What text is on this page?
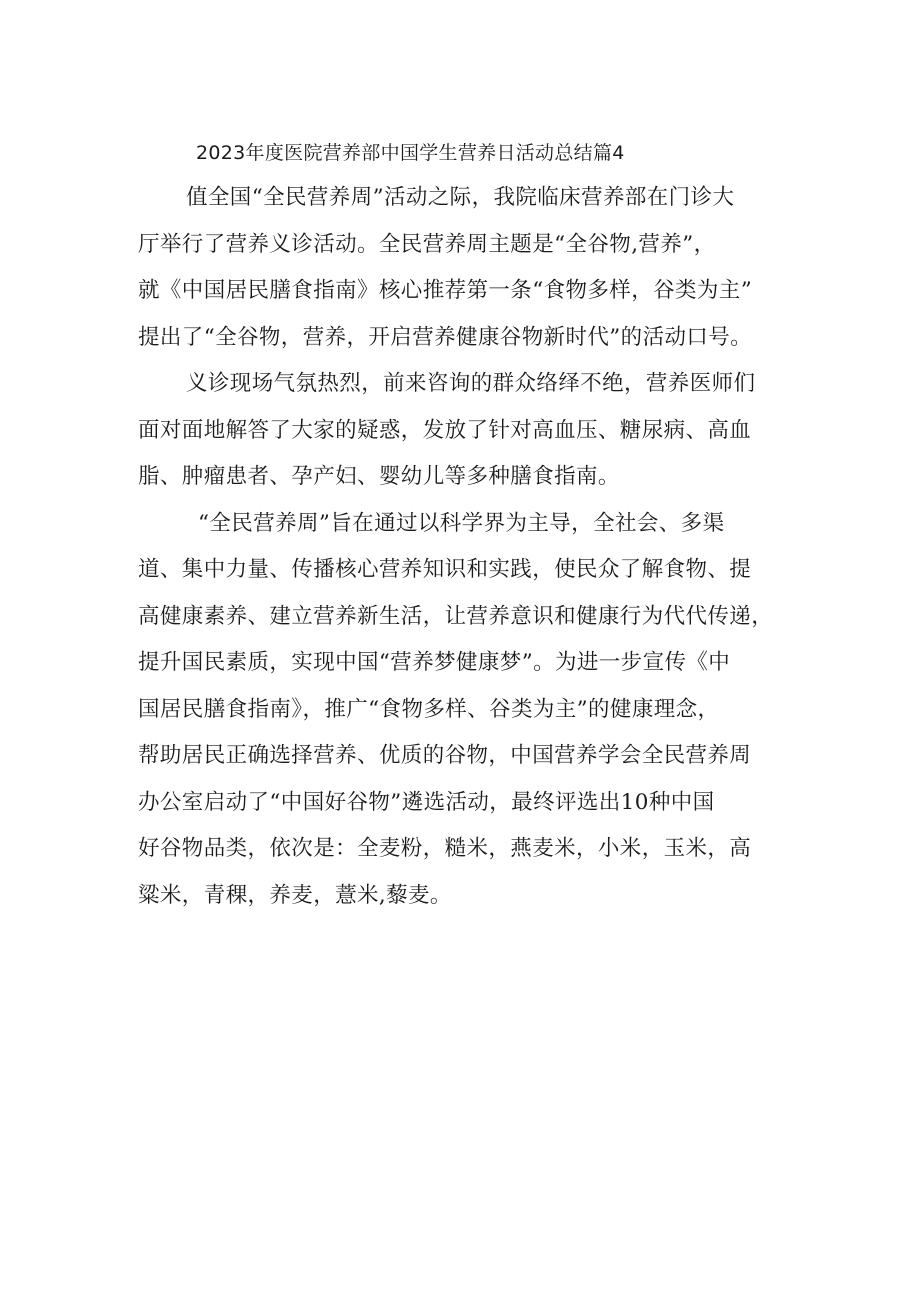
2023年度医院营养部中国学生营养日活动总结篇4
值全国“全民营养周”活动之际，我院临床营养部在门诊大
厅举行了营养义诊活动。全民营养周主题是“全谷物,营养”，
就《中国居民膳食指南》核心推荐第一条“食物多样，谷类为主”
提出了“全谷物，营养，开启营养健康谷物新时代”的活动口号。
义诊现场气氛热烈，前来咨询的群众络绎不绝，营养医师们
面对面地解答了大家的疑惑，发放了针对高血压、糖尿病、高血
脂、肿瘤患者、孕产妇、婴幼儿等多种膳食指南。
“全民营养周”旨在通过以科学界为主导，全社会、多渠
道、集中力量、传播核心营养知识和实践，使民众了解食物、提
高健康素养、建立营养新生活，让营养意识和健康行为代代传递，
提升国民素质，实现中国“营养梦健康梦”。为进一步宣传《中
国居民膳食指南》，推广“食物多样、谷类为主”的健康理念，
帮助居民正确选择营养、优质的谷物，中国营养学会全民营养周
办公室启动了“中国好谷物”遴选活动，最终评选出10种中国
好谷物品类，依次是：全麦粉，糙米，燕麦米，小米，玉米，高
粱米，青稞，养麦，薏米,藜麦。
